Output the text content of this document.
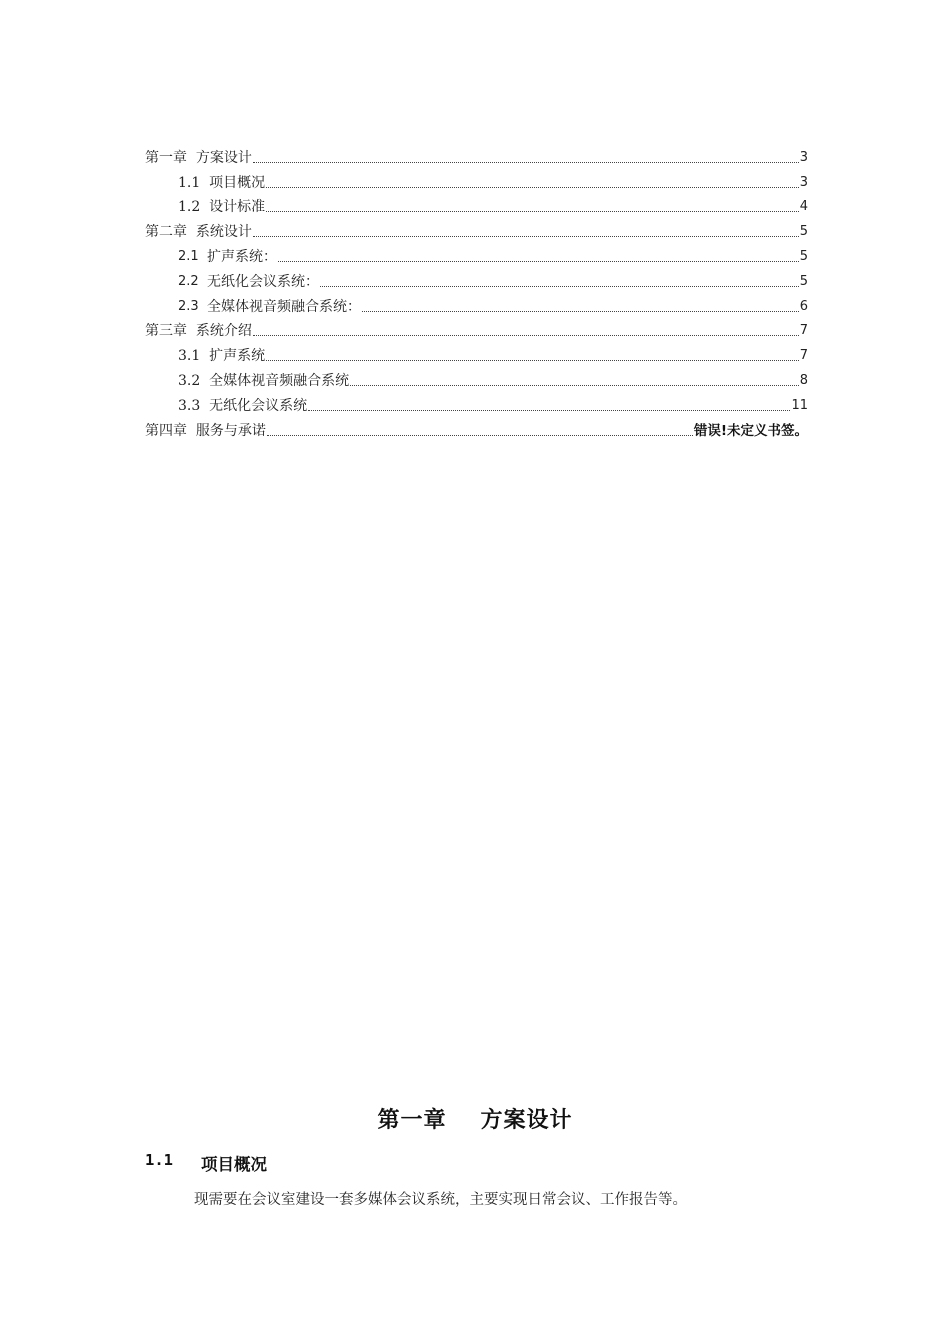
第一章 方案设计	3
1.1 项目概况	3
1.2 设计标准	4
第二章 系统设计	5
2.1 扩声系统：	5
2.2 无纸化会议系统：	5
2.3 全媒体视音频融合系统：	6
第三章 系统介绍	7
3.1 扩声系统	7
3.2 全媒体视音频融合系统	8
3.3 无纸化会议系统	11
第四章 服务与承诺	错误!未定义书签。
第一章 方案设计
1.1	项目概况
现需要在会议室建设一套多媒体会议系统，主要实现日常会议、工作报告等。
